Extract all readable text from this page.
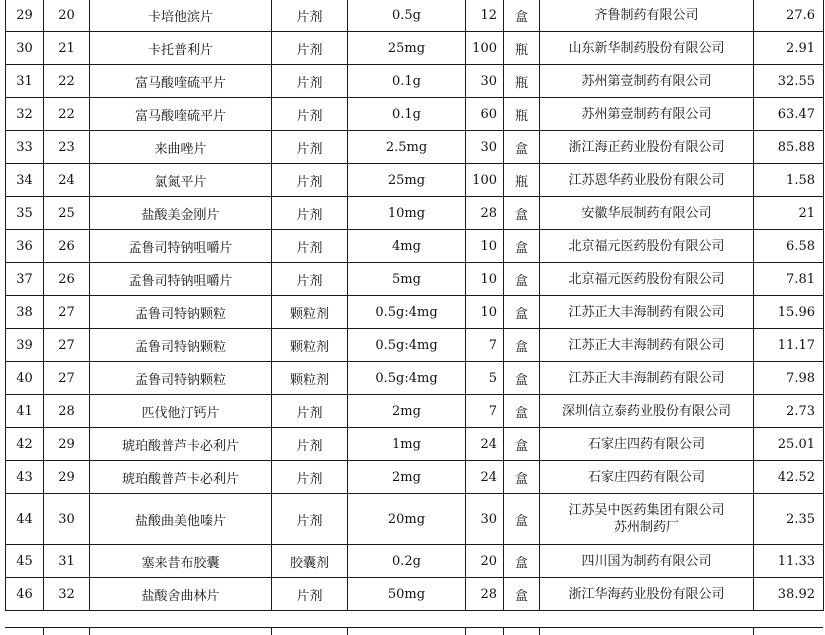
29	20	卡培他滨片	片剂	0.5g	12	盒	齐鲁制药有限公司	27.6
30	21	卡托普利片	片剂	25mg	100	瓶	山东新华制药股份有限公司	2.91
31	22	富马酸喹硫平片	片剂	0.1g	30	瓶	苏州第壹制药有限公司	32.55
32	22	富马酸喹硫平片	片剂	0.1g	60	瓶	苏州第壹制药有限公司	63.47
33	23	来曲唑片	片剂	2.5mg	30	盒	浙江海正药业股份有限公司	85.88
34	24	氯氮平片	片剂	25mg	100	瓶	江苏恩华药业股份有限公司	1.58
35	25	盐酸美金刚片	片剂	10mg	28	盒	安徽华辰制药有限公司	21
36	26	孟鲁司特钠咀嚼片	片剂	4mg	10	盒	北京福元医药股份有限公司	6.58
37	26	孟鲁司特钠咀嚼片	片剂	5mg	10	盒	北京福元医药股份有限公司	7.81
38	27	孟鲁司特钠颗粒	颗粒剂	0.5g:4mg	10	盒	江苏正大丰海制药有限公司	15.96
39	27	孟鲁司特钠颗粒	颗粒剂	0.5g:4mg	7	盒	江苏正大丰海制药有限公司	11.17
40	27	孟鲁司特钠颗粒	颗粒剂	0.5g:4mg	5	盒	江苏正大丰海制药有限公司	7.98
41	28	匹伐他汀钙片	片剂	2mg	7	盒	深圳信立泰药业股份有限公司	2.73
42	29	琥珀酸普芦卡必利片	片剂	1mg	24	盒	石家庄四药有限公司	25.01
43	29	琥珀酸普芦卡必利片	片剂	2mg	24	盒	石家庄四药有限公司	42.52
44	30	盐酸曲美他嗪片	片剂	20mg	30	盒	江苏吴中医药集团有限公司
苏州制药厂	2.35
45	31	塞来昔布胶囊	胶囊剂	0.2g	20	盒	四川国为制药有限公司	11.33
46	32	盐酸舍曲林片	片剂	50mg	28	盒	浙江华海药业股份有限公司	38.92
